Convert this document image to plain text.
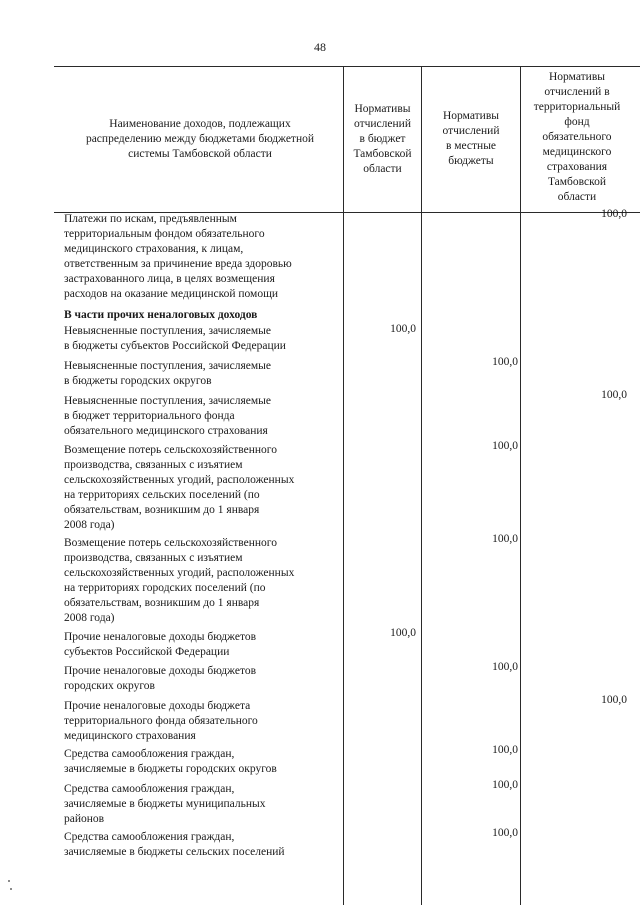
48
Наименование доходов, подлежащих
распределению между бюджетами бюджетной
системы Тамбовской области
Нормативы
отчислений
в бюджет
Тамбовской
области
Нормативы
отчислений
в местные
бюджеты
Нормативы
отчислений в
территориальный
фонд
обязательного
медицинского
страхования
Тамбовской
области
Платежи по искам, предъявленным
территориальным фондом обязательного
медицинского страхования, к лицам,
ответственным за причинение вреда здоровью
застрахованного лица, в целях возмещения
расходов на оказание медицинской помощи
100,0
В части прочих неналоговых доходов
Невыясненные поступления, зачисляемые
в бюджеты субъектов Российской Федерации
100,0
Невыясненные поступления, зачисляемые
в бюджеты городских округов
100,0
Невыясненные поступления, зачисляемые
в бюджет территориального фонда
обязательного медицинского страхования
100,0
Возмещение потерь сельскохозяйственного
производства, связанных с изъятием
сельскохозяйственных угодий, расположенных
на территориях сельских поселений (по
обязательствам, возникшим до 1 января
2008 года)
100,0
Возмещение потерь сельскохозяйственного
производства, связанных с изъятием
сельскохозяйственных угодий, расположенных
на территориях городских поселений (по
обязательствам, возникшим до 1 января
2008 года)
100,0
Прочие неналоговые доходы бюджетов
субъектов Российской Федерации
100,0
Прочие неналоговые доходы бюджетов
городских округов
100,0
Прочие неналоговые доходы бюджета
территориального фонда обязательного
медицинского страхования
100,0
Средства самообложения граждан,
зачисляемые в бюджеты городских округов
100,0
Средства самообложения граждан,
зачисляемые в бюджеты муниципальных
районов
100,0
Средства самообложения граждан,
зачисляемые в бюджеты сельских поселений
100,0
